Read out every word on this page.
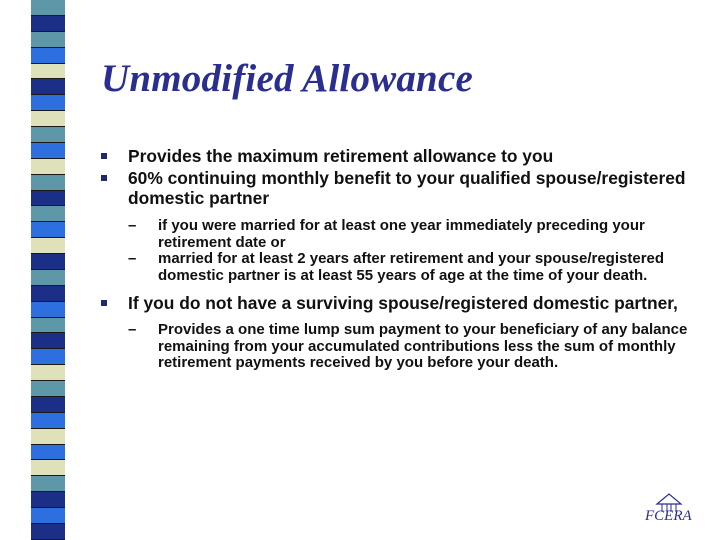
Unmodified Allowance
Provides the maximum retirement allowance to you
60% continuing monthly benefit to your qualified spouse/registered domestic partner
– if you were married for at least one year immediately preceding your retirement date or
– married for at least 2 years after retirement and your spouse/registered domestic partner is at least 55 years of age at the time of your death.
If you do not have a surviving spouse/registered domestic partner,
– Provides a one time lump sum payment to your beneficiary of any balance remaining from your accumulated contributions less the sum of monthly retirement payments received by you before your death.
FCERA
